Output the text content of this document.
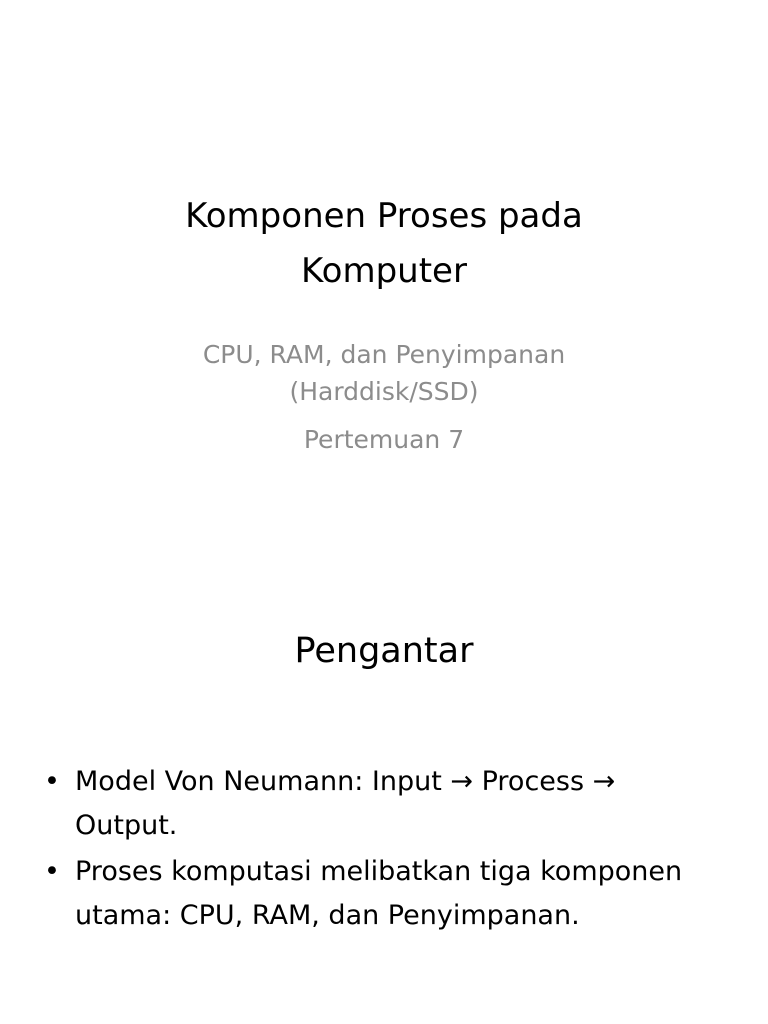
Komponen Proses pada
Komputer
CPU, RAM, dan Penyimpanan
(Harddisk/SSD)
Pertemuan 7
Pengantar
• Model Von Neumann: Input → Process → Output.
• Proses komputasi melibatkan tiga komponen utama: CPU, RAM, dan Penyimpanan.
